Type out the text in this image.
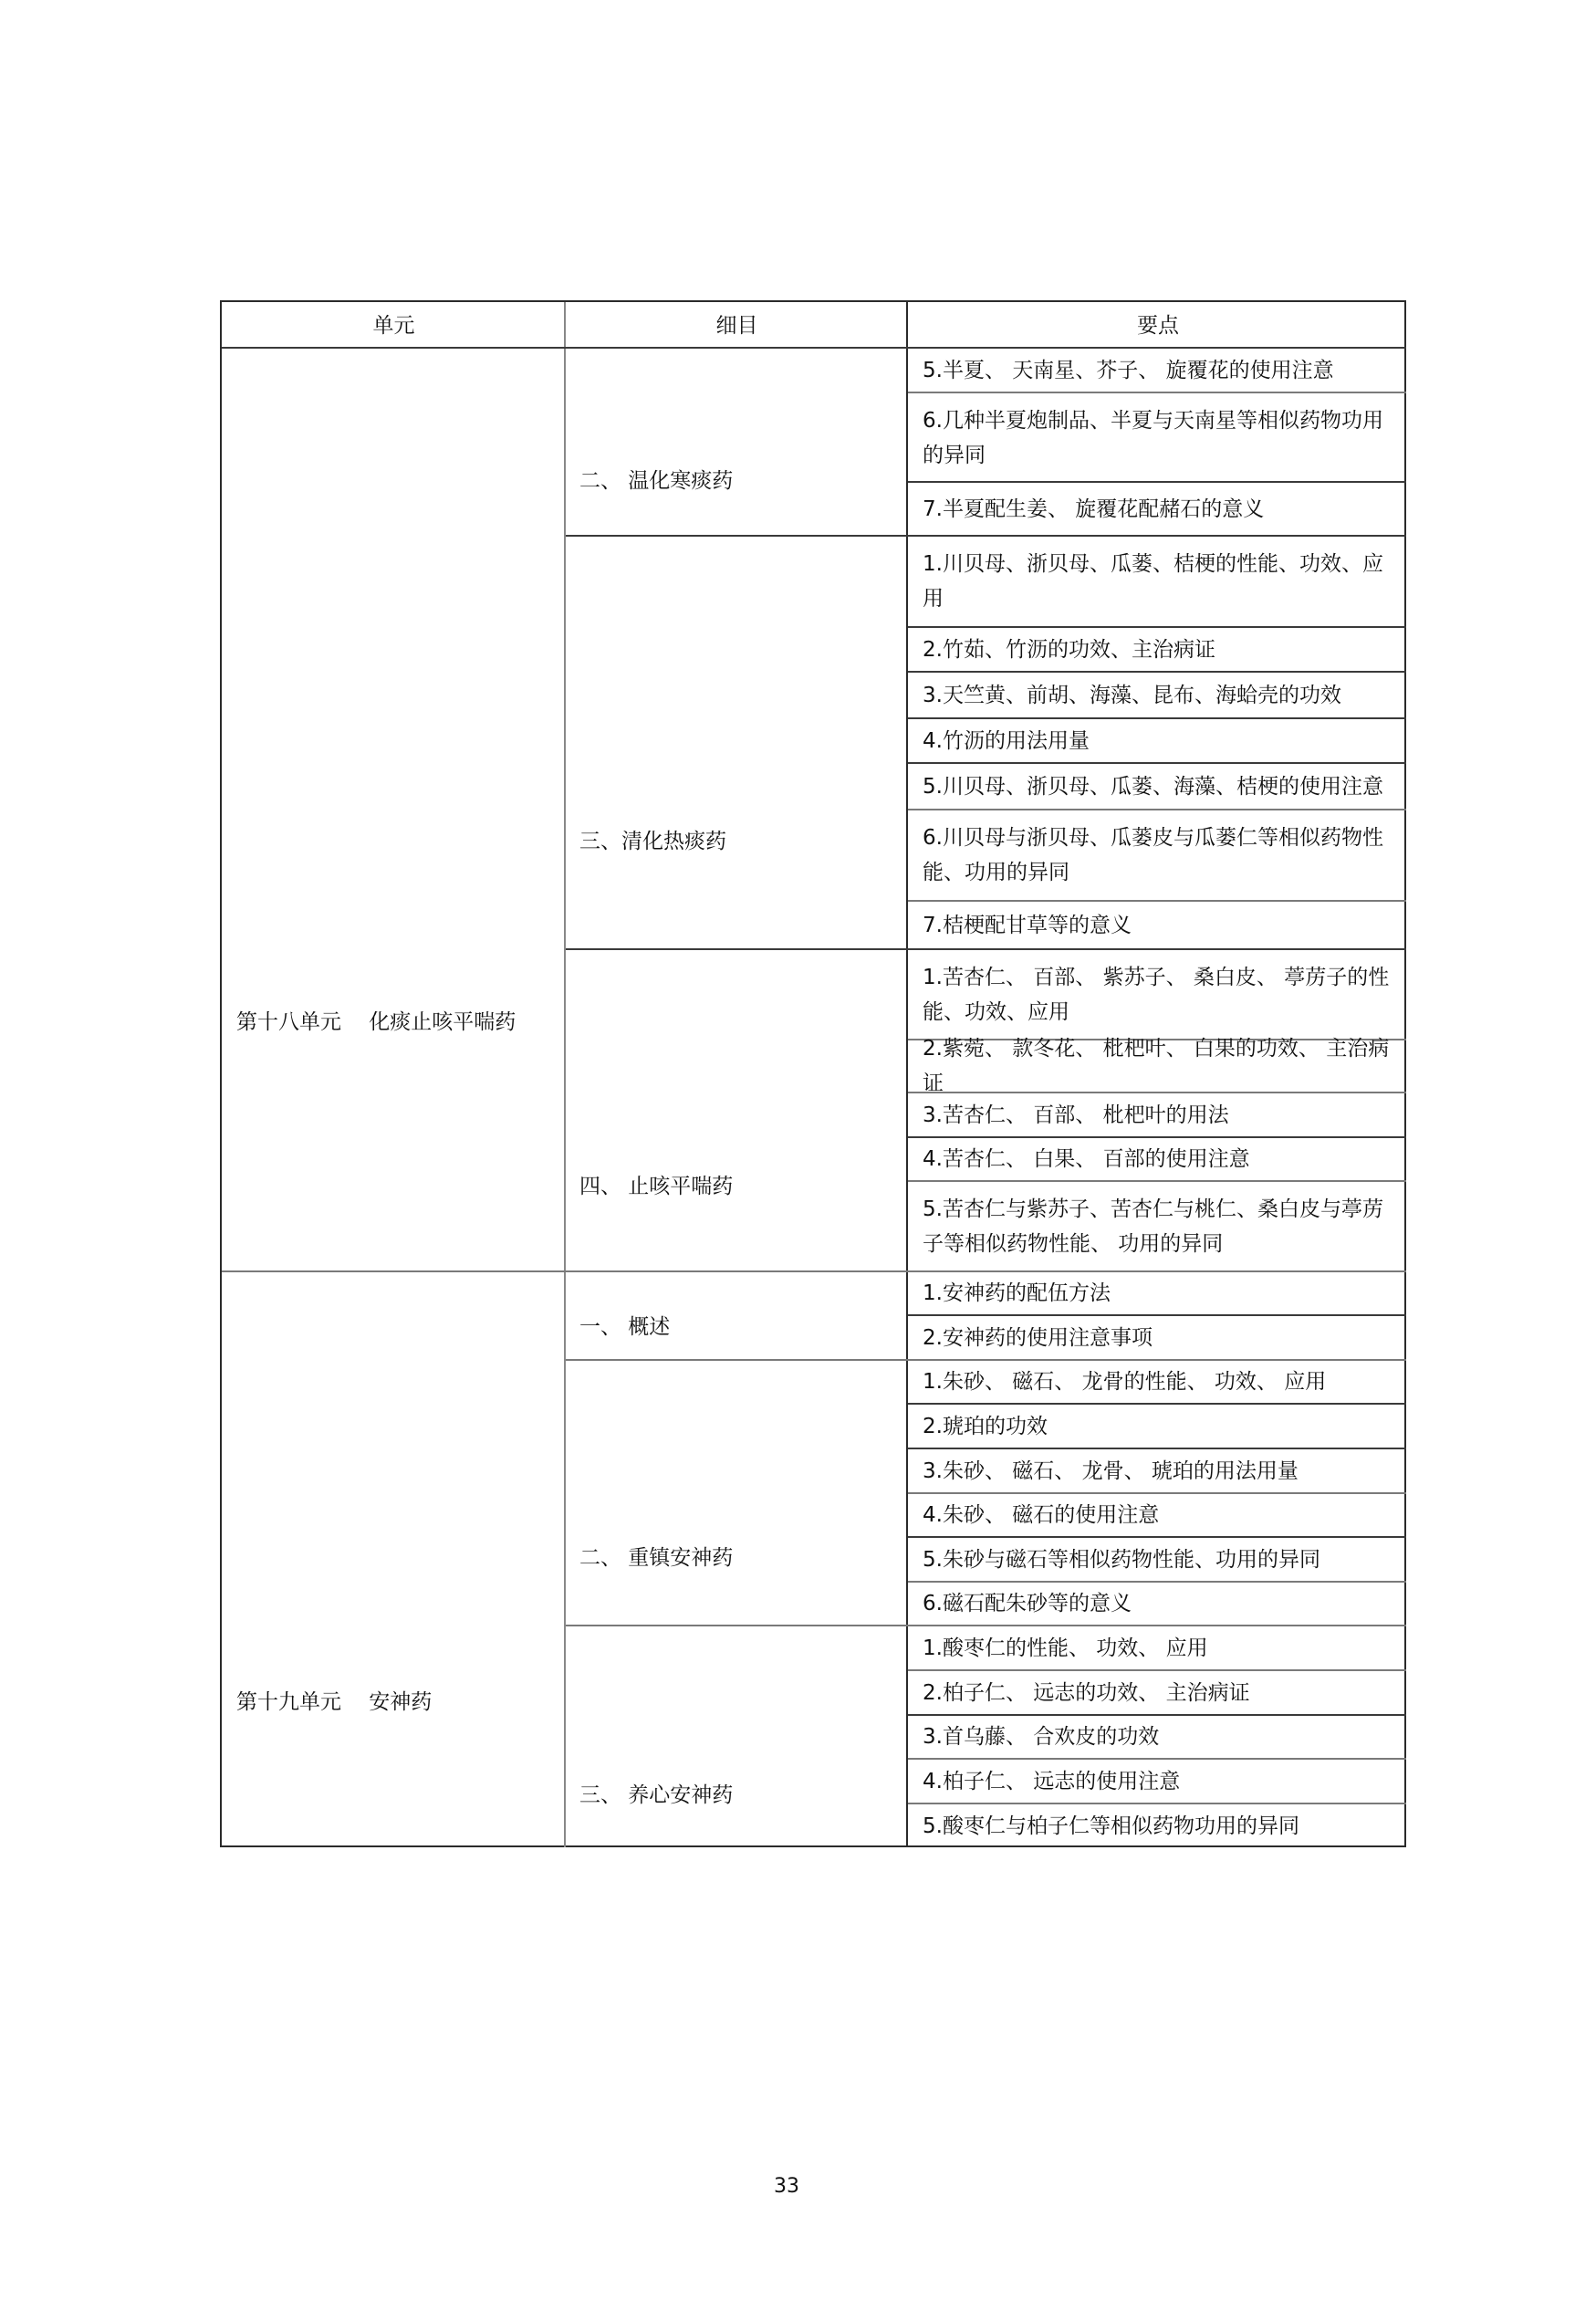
单元	细目	要点
第十八单元　 化痰止咳平喘药
第十九单元　 安神药
二、 温化寒痰药
三、清化热痰药
四、 止咳平喘药
一、 概述
二、 重镇安神药
三、 养心安神药
5.半夏、 天南星、芥子、 旋覆花的使用注意
6.几种半夏炮制品、半夏与天南星等相似药物功用的异同
7.半夏配生姜、 旋覆花配赭石的意义
1.川贝母、浙贝母、瓜蒌、桔梗的性能、功效、应用
2.竹茹、竹沥的功效、主治病证
3.天竺黄、前胡、海藻、昆布、海蛤壳的功效
4.竹沥的用法用量
5.川贝母、浙贝母、瓜蒌、海藻、桔梗的使用注意
6.川贝母与浙贝母、瓜蒌皮与瓜蒌仁等相似药物性能、功用的异同
7.桔梗配甘草等的意义
1.苦杏仁、 百部、 紫苏子、 桑白皮、 葶苈子的性能、功效、应用
2.紫菀、 款冬花、 枇杷叶、 白果的功效、 主治病证
3.苦杏仁、 百部、 枇杷叶的用法
4.苦杏仁、 白果、 百部的使用注意
5.苦杏仁与紫苏子、苦杏仁与桃仁、桑白皮与葶苈子等相似药物性能、 功用的异同
1.安神药的配伍方法
2.安神药的使用注意事项
1.朱砂、 磁石、 龙骨的性能、 功效、 应用
2.琥珀的功效
3.朱砂、 磁石、 龙骨、 琥珀的用法用量
4.朱砂、 磁石的使用注意
5.朱砂与磁石等相似药物性能、功用的异同
6.磁石配朱砂等的意义
1.酸枣仁的性能、 功效、 应用
2.柏子仁、 远志的功效、 主治病证
3.首乌藤、 合欢皮的功效
4.柏子仁、 远志的使用注意
5.酸枣仁与柏子仁等相似药物功用的异同
33
